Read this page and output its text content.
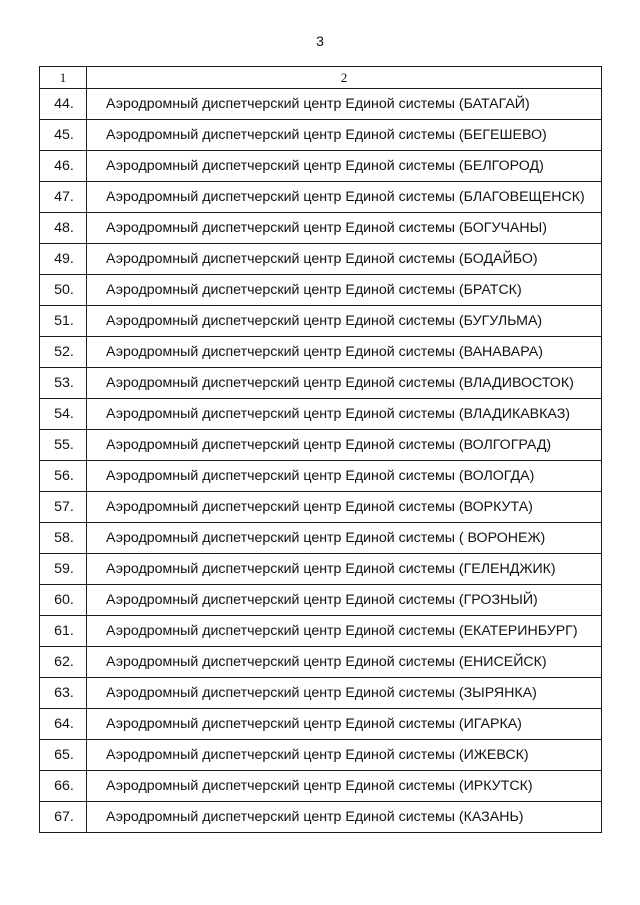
3
1	2
44.	Аэродромный диспетчерский центр Единой системы (БАТАГАЙ)
45.	Аэродромный диспетчерский центр Единой системы (БЕГЕШЕВО)
46.	Аэродромный диспетчерский центр Единой системы (БЕЛГОРОД)
47.	Аэродромный диспетчерский центр Единой системы (БЛАГОВЕЩЕНСК)
48.	Аэродромный диспетчерский центр Единой системы (БОГУЧАНЫ)
49.	Аэродромный диспетчерский центр Единой системы (БОДАЙБО)
50.	Аэродромный диспетчерский центр Единой системы (БРАТСК)
51.	Аэродромный диспетчерский центр Единой системы (БУГУЛЬМА)
52.	Аэродромный диспетчерский центр Единой системы (ВАНАВАРА)
53.	Аэродромный диспетчерский центр Единой системы (ВЛАДИВОСТОК)
54.	Аэродромный диспетчерский центр Единой системы (ВЛАДИКАВКАЗ)
55.	Аэродромный диспетчерский центр Единой системы (ВОЛГОГРАД)
56.	Аэродромный диспетчерский центр Единой системы (ВОЛОГДА)
57.	Аэродромный диспетчерский центр Единой системы (ВОРКУТА)
58.	Аэродромный диспетчерский центр Единой системы ( ВОРОНЕЖ)
59.	Аэродромный диспетчерский центр Единой системы (ГЕЛЕНДЖИК)
60.	Аэродромный диспетчерский центр Единой системы (ГРОЗНЫЙ)
61.	Аэродромный диспетчерский центр Единой системы (ЕКАТЕРИНБУРГ)
62.	Аэродромный диспетчерский центр Единой системы (ЕНИСЕЙСК)
63.	Аэродромный диспетчерский центр Единой системы (ЗЫРЯНКА)
64.	Аэродромный диспетчерский центр Единой системы (ИГАРКА)
65.	Аэродромный диспетчерский центр Единой системы (ИЖЕВСК)
66.	Аэродромный диспетчерский центр Единой системы (ИРКУТСК)
67.	Аэродромный диспетчерский центр Единой системы (КАЗАНЬ)
